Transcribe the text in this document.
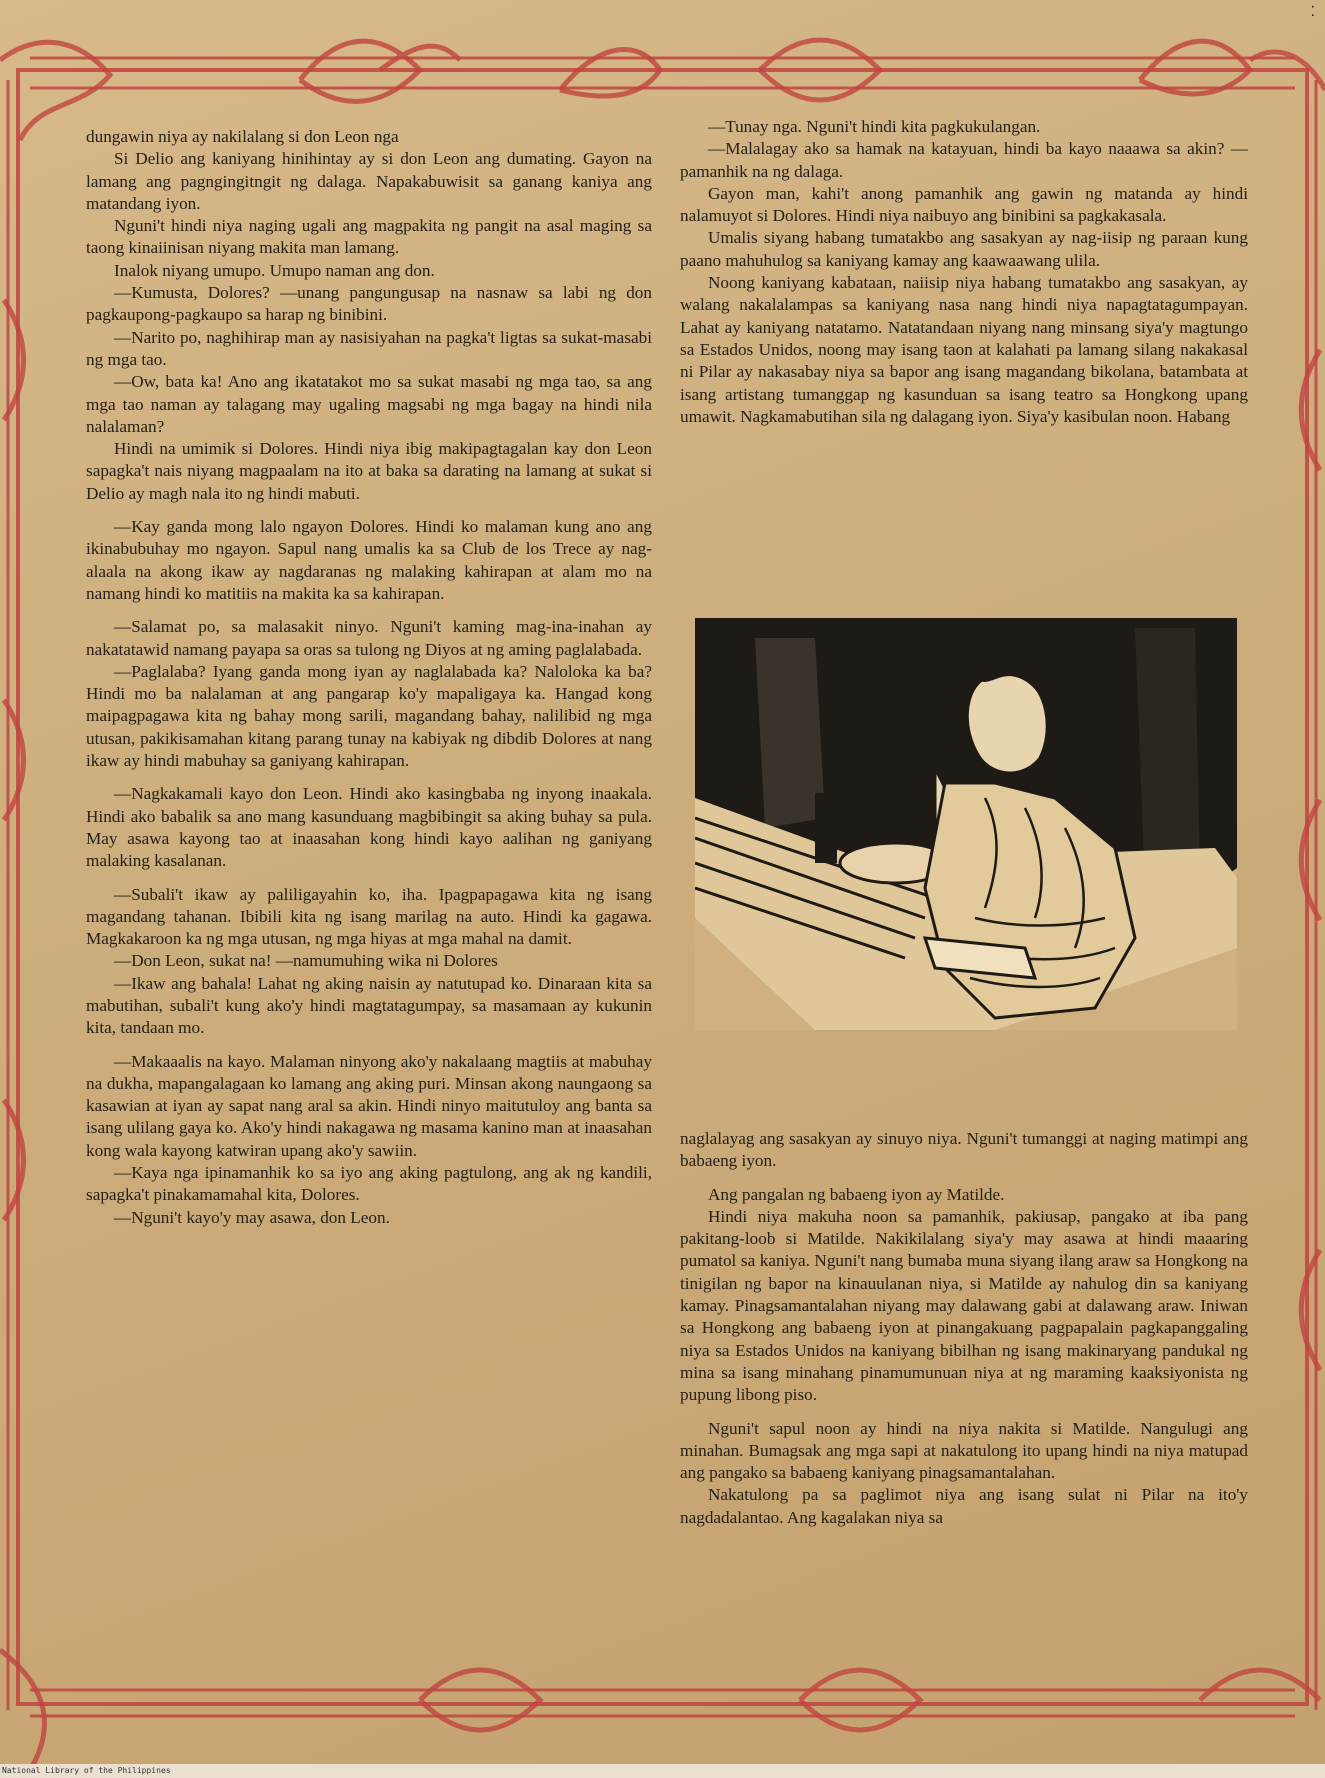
⁚

dungawin niya ay nakilalang si don Leon nga

Si Delio ang kaniyang hinihintay ay si don Leon ang dumating. Gayon na lamang ang pagngingitngit ng dalaga. Napakabuwisit sa ganang kaniya ang matandang iyon.

Nguni't hindi niya naging ugali ang magpakita ng pangit na asal maging sa taong kinaiinisan niyang makita man lamang.

Inalok niyang umupo. Umupo naman ang don.

—Kumusta, Dolores? —unang pangungusap na nasnaw sa labi ng don pagkaupong-pagkaupo sa harap ng binibini.

—Narito po, naghihirap man ay nasisiyahan na pagka't ligtas sa sukat-masabi ng mga tao.

—Ow, bata ka! Ano ang ikatatakot mo sa sukat masabi ng mga tao, sa ang mga tao naman ay talagang may ugaling magsabi ng mga bagay na hindi nila nalalaman?

Hindi na umimik si Dolores. Hindi niya ibig makipagtagalan kay don Leon sapagka't nais niyang magpaalam na ito at baka sa darating na lamang at sukat si Delio ay magh nala ito ng hindi mabuti.

—Kay ganda mong lalo ngayon Dolores. Hindi ko malaman kung ano ang ikinabubuhay mo ngayon. Sapul nang umalis ka sa Club de los Trece ay nag-alaala na akong ikaw ay nagdaranas ng malaking kahirapan at alam mo na namang hindi ko matitiis na makita ka sa kahirapan.

—Salamat po, sa malasakit ninyo. Nguni't kaming mag-ina-inahan ay nakatatawid namang payapa sa oras sa tulong ng Diyos at ng aming paglalabada.

—Paglalaba? Iyang ganda mong iyan ay naglalabada ka? Naloloka ka ba? Hindi mo ba nalalaman at ang pangarap ko'y mapaligaya ka. Hangad kong maipagpagawa kita ng bahay mong sarili, magandang bahay, nalilibid ng mga utusan, pakikisamahan kitang parang tunay na kabiyak ng dibdib Dolores at nang ikaw ay hindi mabuhay sa ganiyang kahirapan.

—Nagkakamali kayo don Leon. Hindi ako kasingbaba ng inyong inaakala. Hindi ako babalik sa ano mang kasunduang magbibingit sa aking buhay sa pula. May asawa kayong tao at inaasahan kong hindi kayo aalihan ng ganiyang malaking kasalanan.

—Subali't ikaw ay paliligayahin ko, iha. Ipagpapagawa kita ng isang magandang tahanan. Ibibili kita ng isang marilag na auto. Hindi ka gagawa. Magkakaroon ka ng mga utusan, ng mga hiyas at mga mahal na damit.

—Don Leon, sukat na! —namumuhing wika ni Dolores

—Ikaw ang bahala! Lahat ng aking naisin ay natutupad ko. Dinaraan kita sa mabutihan, subali't kung ako'y hindi magtatagumpay, sa masamaan ay kukunin kita, tandaan mo.

—Makaaalis na kayo. Malaman ninyong ako'y nakalaang magtiis at mabuhay na dukha, mapangalagaan ko lamang ang aking puri. Minsan akong naungaong sa kasawian at iyan ay sapat nang aral sa akin. Hindi ninyo maitutuloy ang banta sa isang ulilang gaya ko. Ako'y hindi nakagawa ng masama kanino man at inaasahan kong wala kayong katwiran upang ako'y sawiin.

—Kaya nga ipinamanhik ko sa iyo ang aking pagtulong, ang ak ng kandili, sapagka't pinakamamahal kita, Dolores.

—Nguni't kayo'y may asawa, don Leon.

—Tunay nga. Nguni't hindi kita pagkukulangan.

—Malalagay ako sa hamak na katayuan, hindi ba kayo naaawa sa akin? —pamanhik na ng dalaga.

Gayon man, kahi't anong pamanhik ang gawin ng matanda ay hindi nalamuyot si Dolores. Hindi niya naibuyo ang binibini sa pagkakasala.

Umalis siyang habang tumatakbo ang sasakyan ay nag-iisip ng paraan kung paano mahuhulog sa kaniyang kamay ang kaawaawang ulila.

Noong kaniyang kabataan, naiisip niya habang tumatakbo ang sasakyan, ay walang nakalalampas sa kaniyang nasa nang hindi niya napagtatagumpayan. Lahat ay kaniyang natatamo. Natatandaan niyang nang minsang siya'y magtungo sa Estados Unidos, noong may isang taon at kalahati pa lamang silang nakakasal ni Pilar ay nakasabay niya sa bapor ang isang magandang bikolana, batambata at isang artistang tumanggap ng kasunduan sa isang teatro sa Hongkong upang umawit. Nagkamabutihan sila ng dalagang iyon. Siya'y kasibulan noon. Habang

naglalayag ang sasakyan ay sinuyo niya. Nguni't tumanggi at naging matimpi ang babaeng iyon.

Ang pangalan ng babaeng iyon ay Matilde.

Hindi niya makuha noon sa pamanhik, pakiusap, pangako at iba pang pakitang-loob si Matilde. Nakikilalang siya'y may asawa at hindi maaaring pumatol sa kaniya. Nguni't nang bumaba muna siyang ilang araw sa Hongkong na tinigilan ng bapor na kinauulanan niya, si Matilde ay nahulog din sa kaniyang kamay. Pinagsamantalahan niyang may dalawang gabi at dalawang araw. Iniwan sa Hongkong ang babaeng iyon at pinangakuang pagpapalain pagkapanggaling niya sa Estados Unidos na kaniyang bibilhan ng isang makinaryang pandukal ng mina sa isang minahang pinamumunuan niya at ng maraming kaaksiyonista ng pupung libong piso.

Nguni't sapul noon ay hindi na niya nakita si Matilde. Nangulugi ang minahan. Bumagsak ang mga sapi at nakatulong ito upang hindi na niya matupad ang pangako sa babaeng kaniyang pinagsamantalahan.

Nakatulong pa sa paglimot niya ang isang sulat ni Pilar na ito'y nagdadalantao. Ang kagalakan niya sa

National Library of the Philippines
